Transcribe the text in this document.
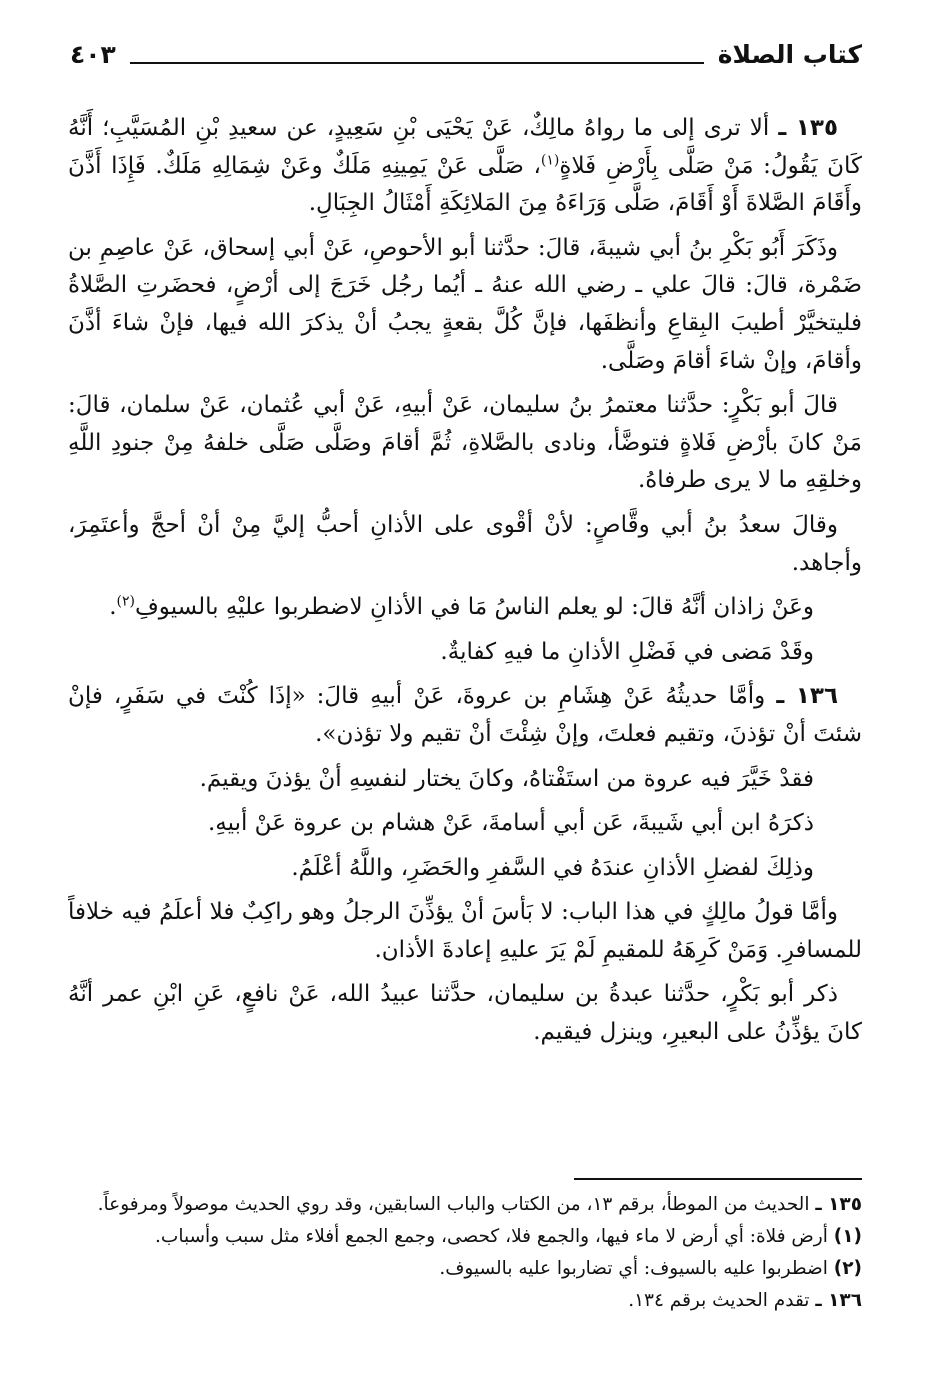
كتاب الصلاة
٤٠٣

١٣٥ ـ ألا ترى إلى ما رواهُ مالِكٌ، عَنْ يَحْيَى بْنِ سَعِيدٍ، عن سعيدِ بْنِ المُسَيَّبِ؛ أَنَّهُ كَانَ يَقُولُ: مَنْ صَلَّى بِأَرْضِ فَلاةٍ$^{(١)}$، صَلَّى عَنْ يَمِينِهِ مَلَكٌ وعَنْ شِمَالِهِ مَلَكٌ. فَإِذَا أَذَّنَ وأَقَامَ الصَّلاةَ أَوْ أَقَامَ، صَلَّى وَرَاءَهُ مِنَ المَلائِكَةِ أَمْثَالُ الجِبَالِ.

وذَكَرَ أَبُو بَكْرِ بنُ أبي شيبةَ، قالَ: حدَّثنا أبو الأحوصِ، عَنْ أبي إسحاق، عَنْ عاصِمِ بن ضَمْرة، قالَ: قالَ علي ـ رضي الله عنهُ ـ أيُما رجُل خَرَجَ إلى أرْضٍ، فحضَرتِ الصَّلاةُ فليتخيَّرْ أطيبَ البِقاعِ وأنظفَها، فإنَّ كُلَّ بقعةٍ يجبُ أنْ يذكرَ الله فيها، فإنْ شاءَ أذَّنَ وأقامَ، وإنْ شاءَ أقامَ وصَلَّى.

قالَ أبو بَكْرٍ: حدَّثنا معتمرُ بنُ سليمان، عَنْ أبيهِ، عَنْ أبي عُثمان، عَنْ سلمان، قالَ: مَنْ كانَ بأرْضِ فَلاةٍ فتوضَّأ، ونادى بالصَّلاةِ، ثُمَّ أقامَ وصَلَّى صَلَّى خلفهُ مِنْ جنودِ اللَّهِ وخلقِهِ ما لا يرى طرفاهُ.

وقالَ سعدُ بنُ أبي وقَّاصٍ: لأنْ أقْوى على الأذانِ أحبُّ إليَّ مِنْ أنْ أحجَّ وأعتَمِرَ، وأجاهد.

وعَنْ زاذان أنَّهُ قالَ: لو يعلم الناسُ مَا في الأذانِ لاضطربوا عليْهِ بالسيوفِ$^{(٢)}$.

وقَدْ مَضى في فَضْلِ الأذانِ ما فيهِ كفايةٌ.

١٣٦ ـ وأمَّا حديثُهُ عَنْ هِشَامِ بن عروةَ، عَنْ أبيهِ قالَ: «إذَا كُنْتَ في سَفَرٍ، فإنْ شئتَ أنْ تؤذنَ، وتقيم فعلتَ، وإنْ شِئْتَ أنْ تقيم ولا تؤذن».

فقدْ خَيَّرَ فيه عروة من استَفْتاهُ، وكانَ يختار لنفسِهِ أنْ يؤذنَ ويقيمَ.

ذكرَهُ ابن أبي شَيبةَ، عَن أبي أسامةَ، عَنْ هشام بن عروة عَنْ أبيهِ.

وذلِكَ لفضلِ الأذانِ عندَهُ في السَّفرِ والحَضَرِ، واللَّهُ أعْلَمُ.

وأمَّا قولُ مالِكٍ في هذا الباب: لا بَأسَ أنْ يؤذِّنَ الرجلُ وهو راكِبٌ فلا أعلَمُ فيه خلافاً للمسافرِ. وَمَنْ كَرِهَهُ للمقيمِ لَمْ يَرَ عليهِ إعادةَ الأذان.

ذكر أبو بَكْرٍ، حدَّثنا عبدةُ بن سليمان، حدَّثنا عبيدُ الله، عَنْ نافعٍ، عَنِ ابْنِ عمر أنَّهُ كانَ يؤذِّنُ على البعيرِ، وينزل فيقيم.

١٣٥ ـ الحديث من الموطأ، برقم ١٣، من الكتاب والباب السابقين، وقد روي الحديث موصولاً ومرفوعاً.

(١) أرض فلاة: أي أرض لا ماء فيها، والجمع فلا، كحصى، وجمع الجمع أفلاء مثل سبب وأسباب.

(٢) اضطربوا عليه بالسيوف: أي تضاربوا عليه بالسيوف.

١٣٦ ـ تقدم الحديث برقم ١٣٤.
